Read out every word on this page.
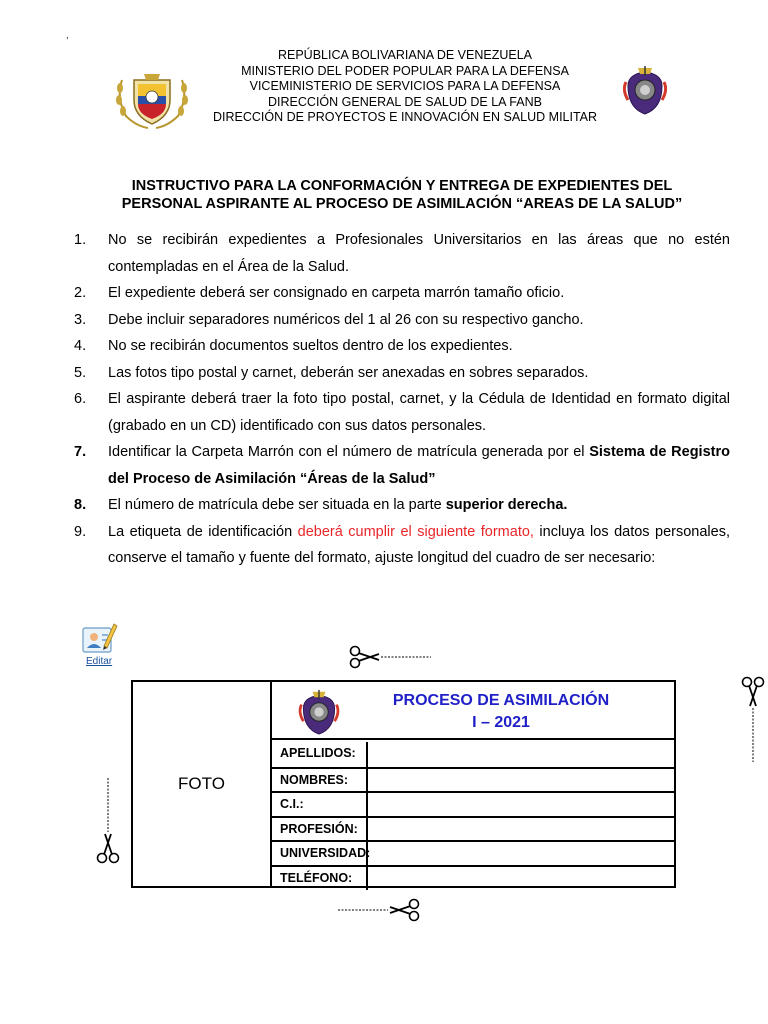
,
REPÚBLICA BOLIVARIANA DE VENEZUELA
MINISTERIO DEL PODER POPULAR PARA LA DEFENSA
VICEMINISTERIO DE SERVICIOS PARA LA DEFENSA
DIRECCIÓN GENERAL DE SALUD DE LA FANB
DIRECCIÓN DE PROYECTOS E INNOVACIÓN EN SALUD MILITAR
INSTRUCTIVO PARA LA CONFORMACIÓN Y ENTREGA DE EXPEDIENTES DEL
PERSONAL ASPIRANTE AL PROCESO DE ASIMILACIÓN “AREAS DE LA SALUD”
1.	No se recibirán expedientes a Profesionales Universitarios en las áreas que no estén contempladas en el Área de la Salud.
2.	El expediente deberá ser consignado en carpeta marrón tamaño oficio.
3.	Debe incluir separadores numéricos del 1 al 26 con su respectivo gancho.
4.	No se recibirán documentos sueltos dentro de los expedientes.
5.	Las fotos tipo postal y carnet, deberán ser anexadas en sobres separados.
6.	El aspirante deberá traer la foto tipo postal, carnet, y la Cédula de Identidad en formato digital (grabado en un CD) identificado con sus datos personales.
7.	Identificar la Carpeta Marrón con el número de matrícula generada por el Sistema de Registro del Proceso de Asimilación “Áreas de la Salud”
8.	El número de matrícula debe ser situada en la parte superior derecha.
9.	La etiqueta de identificación deberá cumplir el siguiente formato, incluya los datos personales, conserve el tamaño y fuente del formato, ajuste longitud del cuadro de ser necesario:
Editar
FOTO
PROCESO DE ASIMILACIÓN
I – 2021
APELLIDOS:
NOMBRES:
C.I.:
PROFESIÓN:
UNIVERSIDAD:
TELÉFONO:
